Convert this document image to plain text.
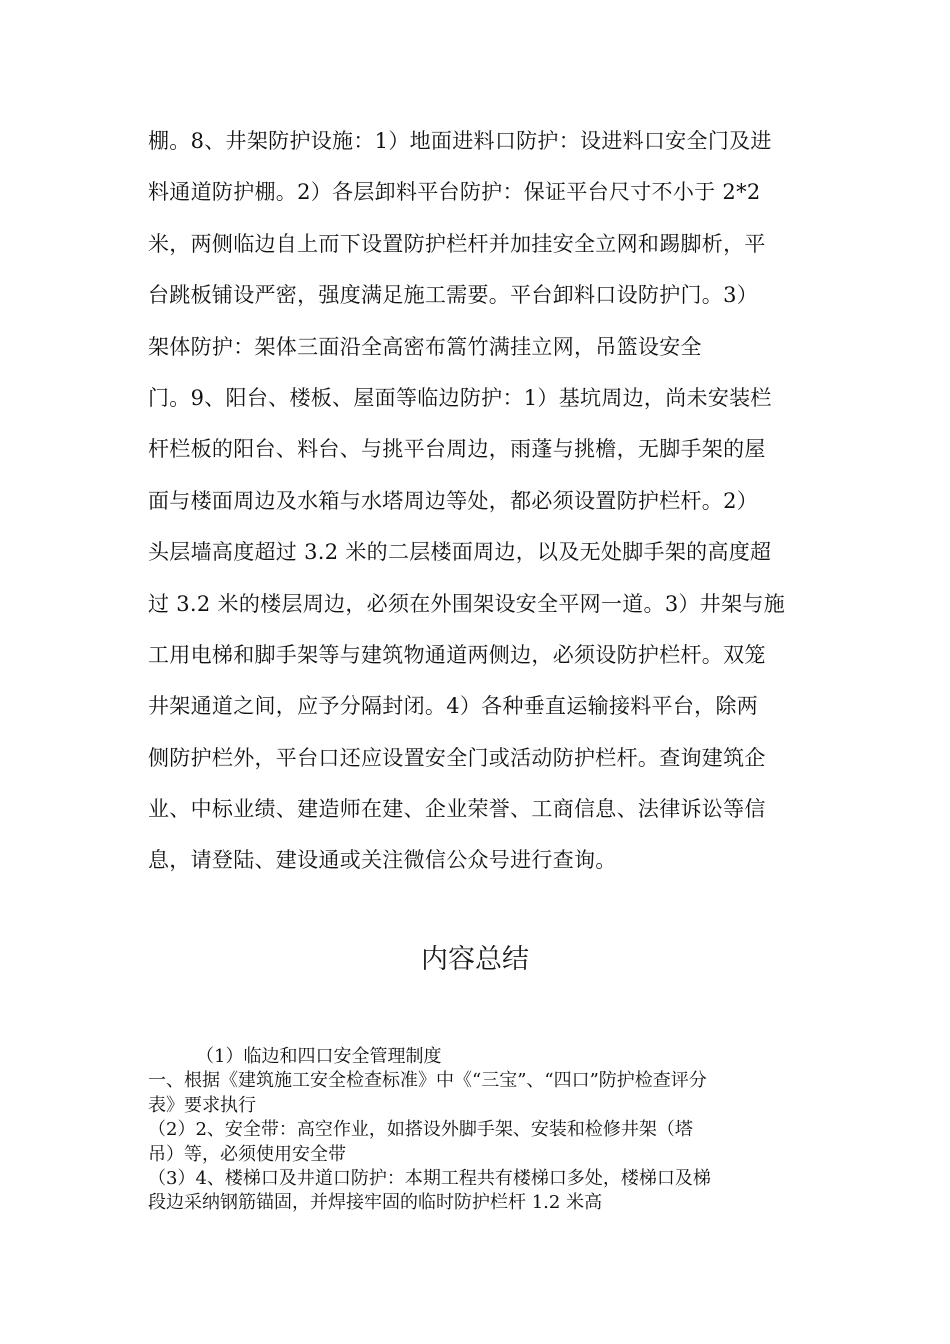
棚。8、井架防护设施：1）地面进料口防护：设进料口安全门及进
料通道防护棚。2）各层卸料平台防护：保证平台尺寸不小于 2*2
米，两侧临边自上而下设置防护栏杆并加挂安全立网和踢脚析，平
台跳板铺设严密，强度满足施工需要。平台卸料口设防护门。3）
架体防护：架体三面沿全高密布篙竹满挂立网，吊篮设安全
门。9、阳台、楼板、屋面等临边防护：1）基坑周边，尚未安装栏
杆栏板的阳台、料台、与挑平台周边，雨蓬与挑檐，无脚手架的屋
面与楼面周边及水箱与水塔周边等处，都必须设置防护栏杆。2）
头层墙高度超过 3.2 米的二层楼面周边，以及无处脚手架的高度超
过 3.2 米的楼层周边，必须在外围架设安全平网一道。3）井架与施
工用电梯和脚手架等与建筑物通道两侧边，必须设防护栏杆。双笼
井架通道之间，应予分隔封闭。4）各种垂直运输接料平台，除两
侧防护栏外，平台口还应设置安全门或活动防护栏杆。查询建筑企
业、中标业绩、建造师在建、企业荣誉、工商信息、法律诉讼等信
息，请登陆、建设通或关注微信公众号进行查询。
内容总结
（1）临边和四口安全管理制度
一、根据《建筑施工安全检查标准》中《“三宝”、“四口”防护检查评分
表》要求执行
（2）2、安全带：高空作业，如搭设外脚手架、安装和检修井架（塔
吊）等，必须使用安全带
（3）4、楼梯口及井道口防护：本期工程共有楼梯口多处，楼梯口及梯
段边采纳钢筋锚固，并焊接牢固的临时防护栏杆 1.2 米高
